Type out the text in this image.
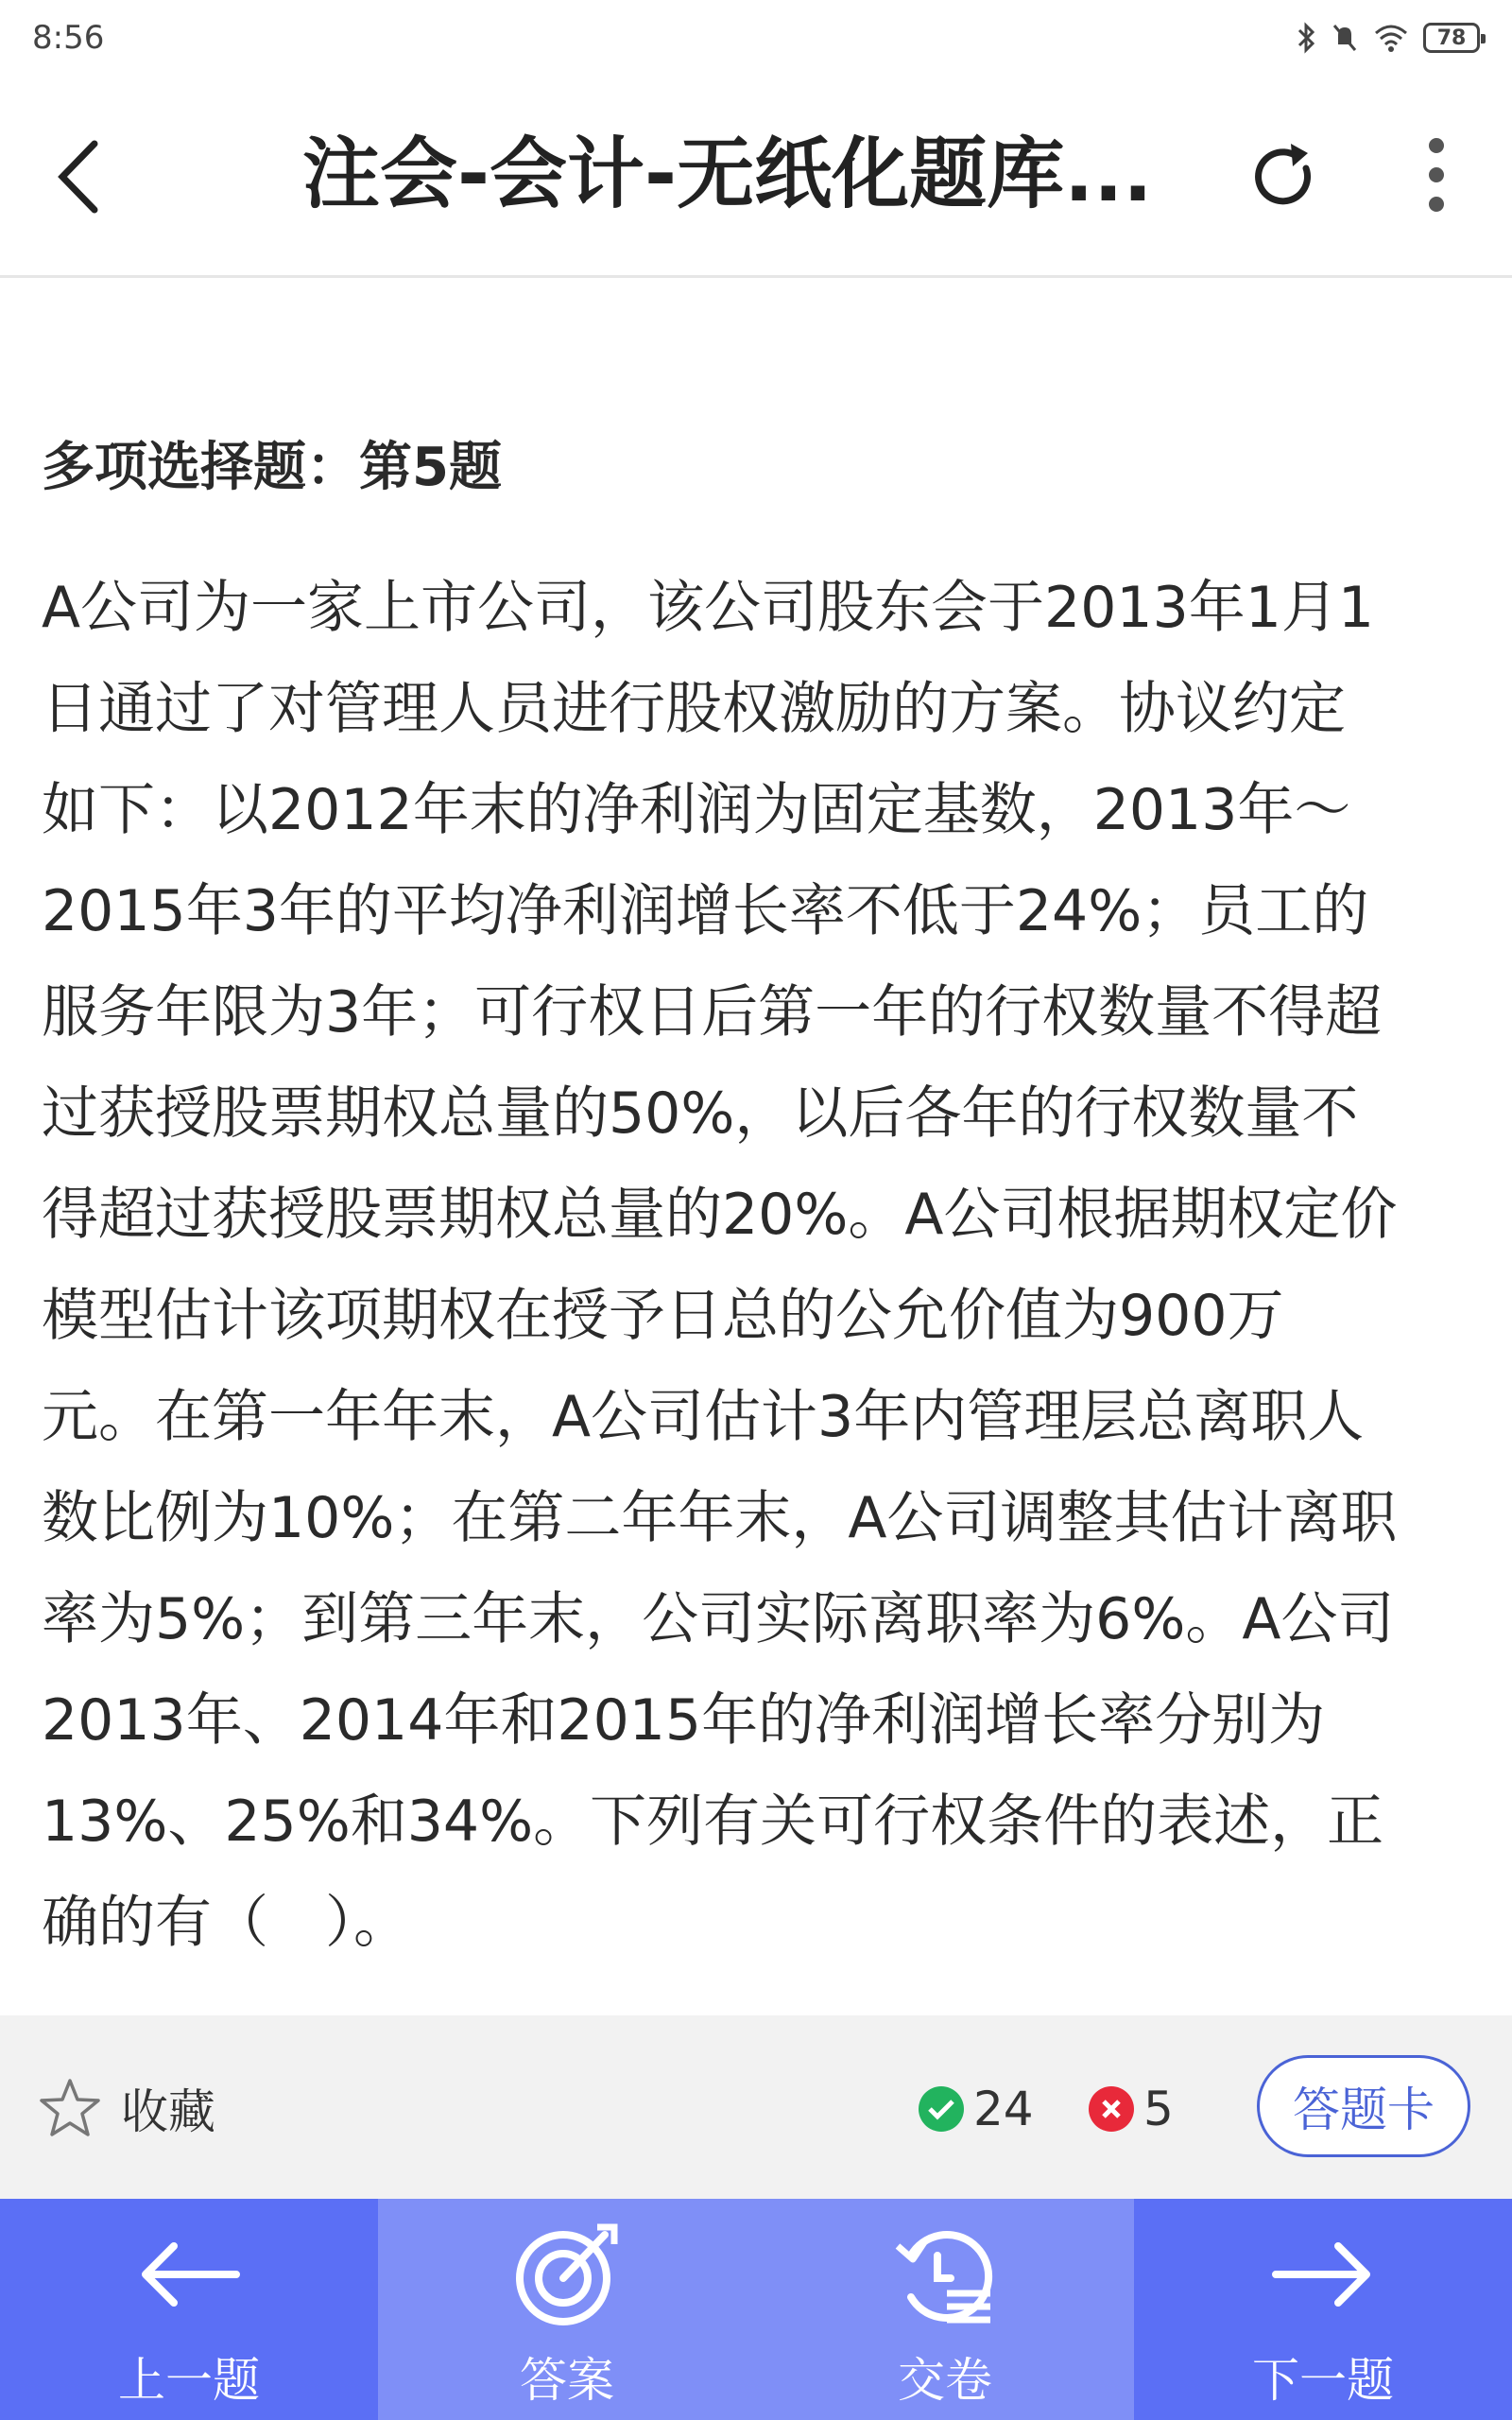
8:56	78
注会-会计-无纸化题库...
多项选择题：第5题
A公司为一家上市公司，该公司股东会于2013年1月1
日通过了对管理人员进行股权激励的方案。协议约定
如下：以2012年末的净利润为固定基数，2013年～
2015年3年的平均净利润增长率不低于24%；员工的
服务年限为3年；可行权日后第一年的行权数量不得超
过获授股票期权总量的50%，以后各年的行权数量不
得超过获授股票期权总量的20%。A公司根据期权定价
模型估计该项期权在授予日总的公允价值为900万
元。在第一年年末，A公司估计3年内管理层总离职人
数比例为10%；在第二年年末，A公司调整其估计离职
率为5%；到第三年末，公司实际离职率为6%。A公司
2013年、2014年和2015年的净利润增长率分别为
13%、25%和34%。下列有关可行权条件的表述，正
确的有（　）。
收藏	24 5	答题卡
上一题	答案	交卷	下一题
